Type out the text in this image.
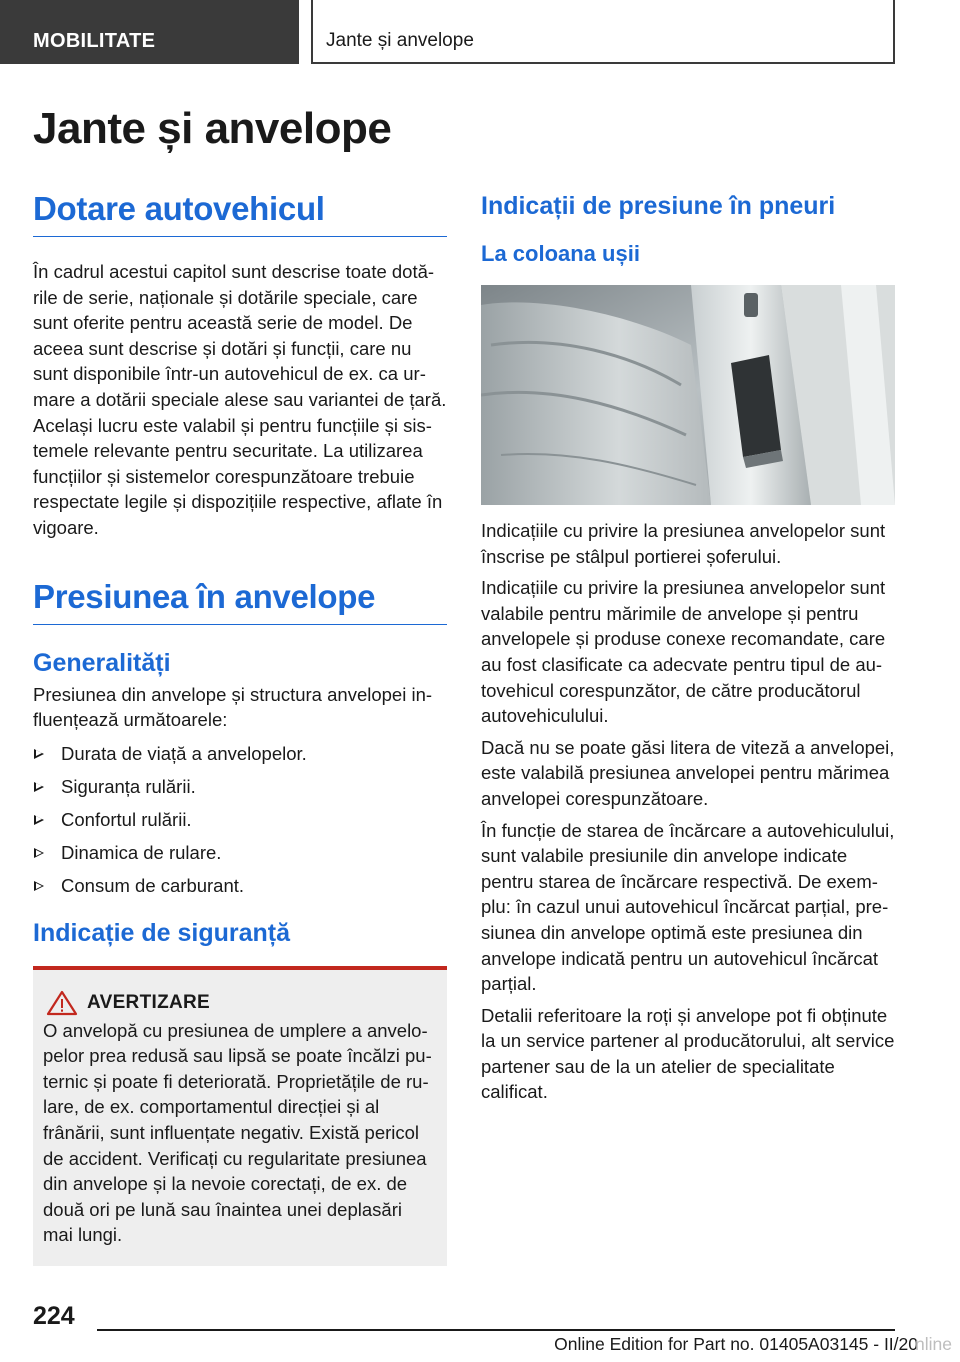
MOBILITATE	Jante și anvelope
Jante și anvelope
Dotare autovehicul

În cadrul acestui capitol sunt descrise toate dotările de serie, naționale și dotările speciale, care sunt oferite pentru această serie de model. De aceea sunt descrise și dotări și funcții, care nu sunt disponibile într-un autovehicul de ex. ca urmare a dotării speciale alese sau variantei de țară. Același lucru este valabil și pentru funcțiile și sistemele relevante pentru securitate. La utilizarea funcțiilor și sistemelor corespunzătoare trebuie respectate legile și dispozițiile respective, aflate în vigoare.

Presiunea în anvelope
Generalități

Presiunea din anvelope și structura anvelopei influențează următoarele:

Durata de viață a anvelopelor.
Siguranța rulării.
Confortul rulării.
Dinamica de rulare.
Consum de carburant.
Indicație de siguranță
AVERTIZARE

O anvelopă cu presiunea de umplere a anvelopelor prea redusă sau lipsă se poate încălzi puternic și poate fi deteriorată. Proprietățile de rulare, de ex. comportamentul direcției și al frânării, sunt influențate negativ. Există pericol de accident. Verificați cu regularitate presiunea din anvelope și la nevoie corectați, de ex. de două ori pe lună sau înaintea unei deplasări mai lungi.

Indicații de presiune în pneuri
La coloana ușii

Indicațiile cu privire la presiunea anvelopelor sunt înscrise pe stâlpul portierei șoferului.

Indicațiile cu privire la presiunea anvelopelor sunt valabile pentru mărimile de anvelope și pentru anvelopele și produse conexe recomandate, care au fost clasificate ca adecvate pentru tipul de autovehicul corespunzător, de către producătorul autovehiculului.

Dacă nu se poate găsi litera de viteză a anvelopei, este valabilă presiunea anvelopei pentru mărimea anvelopei corespunzătoare.

În funcție de starea de încărcare a autovehiculului, sunt valabile presiunile din anvelope indicate pentru starea de încărcare respectivă. De exemplu: în cazul unui autovehicul încărcat parțial, presiunea din anvelope optimă este presiunea din anvelope indicată pentru un autovehicul încărcat parțial.

Detalii referitoare la roți și anvelope pot fi obținute la un service partener al producătorului, alt service partener sau de la un atelier de specialitate calificat.

224
Online Edition for Part no. 01405A03145 - II/20
nline
